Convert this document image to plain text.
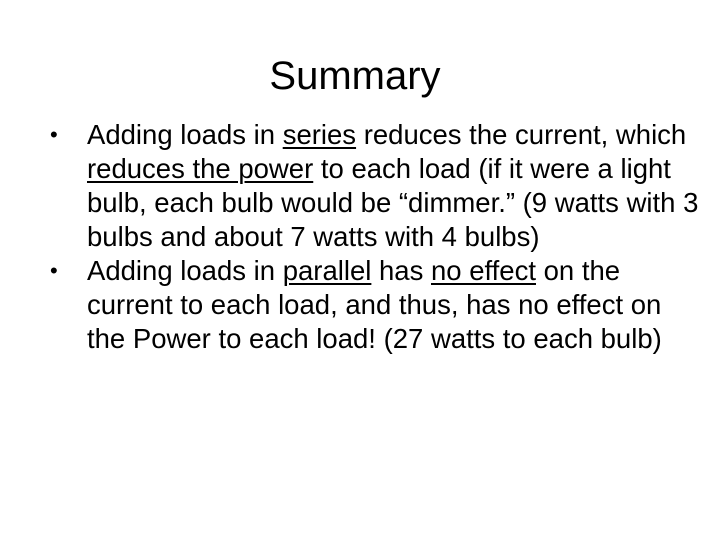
Summary
• Adding loads in series reduces the current, which reduces the power to each load (if it were a light bulb, each bulb would be “dimmer.” (9 watts with 3 bulbs and about 7 watts with 4 bulbs)
• Adding loads in parallel has no effect on the current to each load, and thus, has no effect on the Power to each load! (27 watts to each bulb)
